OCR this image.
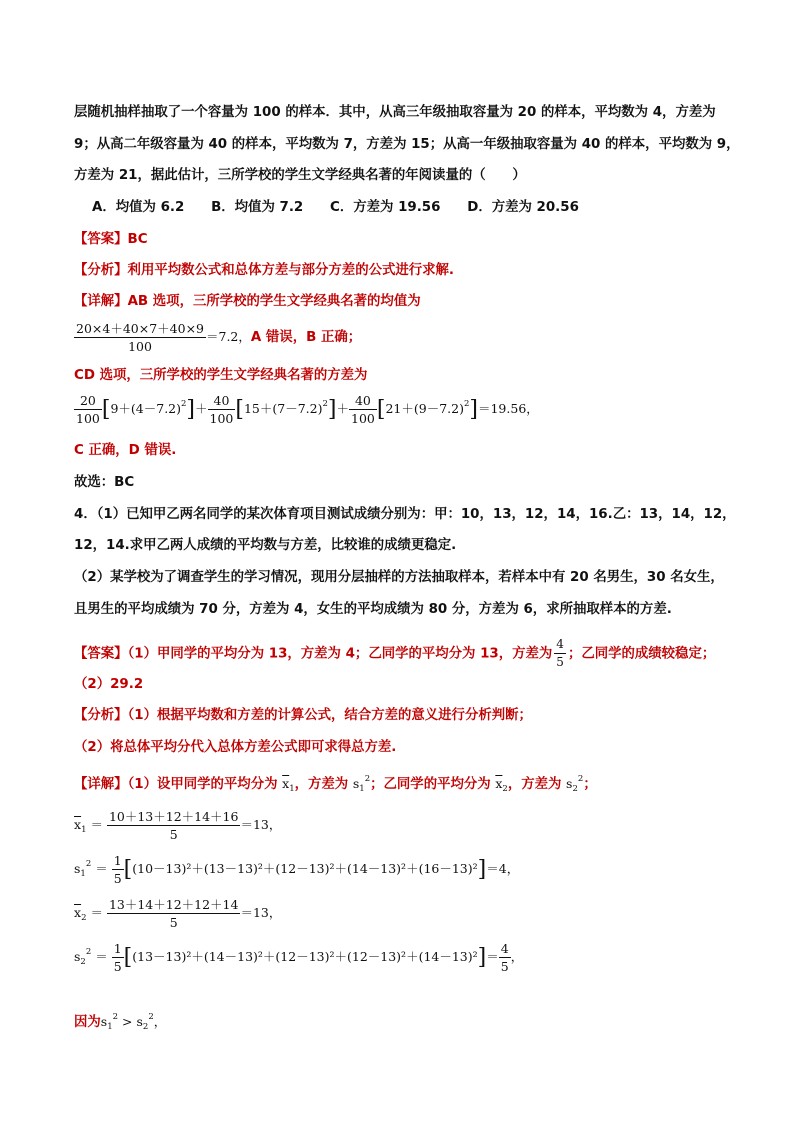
层随机抽样抽取了一个容量为 100 的样本．其中，从高三年级抽取容量为 20 的样本，平均数为 4，方差为
9；从高二年级容量为 40 的样本，平均数为 7，方差为 15；从高一年级抽取容量为 40 的样本，平均数为 9，
方差为 21，据此估计，三所学校的学生文学经典名著的年阅读量的（　　）
A．均值为 6.2　　B．均值为 7.2　　C．方差为 19.56　　D．方差为 20.56
【答案】BC
【分析】利用平均数公式和总体方差与部分方差的公式进行求解.
【详解】AB 选项，三所学校的学生文学经典名著的均值为
$\frac{20\times 4+40\times 7+40\times 9}{100} =7.2$，A 错误，B 正确；
CD 选项，三所学校的学生文学经典名著的方差为
$\frac{20}{100} [9+(4-7.2)^2]+ \frac{40}{100} [15+(7-7.2)^2]+ \frac{40}{100} [21+(9-7.2)^2]=19.56$，
C 正确，D 错误.
故选：BC
4．（1）已知甲乙两名同学的某次体育项目测试成绩分别为：甲：10，13，12，14，16.乙：13，14，12，
12，14.求甲乙两人成绩的平均数与方差，比较谁的成绩更稳定.
（2）某学校为了调查学生的学习情况，现用分层抽样的方法抽取样本，若样本中有 20 名男生，30 名女生，
且男生的平均成绩为 70 分，方差为 4，女生的平均成绩为 80 分，方差为 6，求所抽取样本的方差.
【答案】（1）甲同学的平均分为 13，方差为 4；乙同学的平均分为 13，方差为 $\frac{4}{5}$ ；乙同学的成绩较稳定；
（2）29.2
【分析】（1）根据平均数和方差的计算公式，结合方差的意义进行分析判断；
（2）将总体平均分代入总体方差公式即可求得总方差.
【详解】（1）设甲同学的平均分为 $\overline{x}_1$，方差为 $s_1^2$；乙同学的平均分为 $\overline{x}_2$，方差为 $s_2^2$；
$\overline{x}_1 = \frac{10+13+12+14+16}{5} =13$，
$s_1^2 = \frac{1}{5} [(10-13)^2+(13-13)^2+(12-13)^2+(14-13)^2+(16-13)^2]=4$，
$\overline{x}_2 = \frac{13+14+12+12+14}{5} =13$，
$s_2^2 = \frac{1}{5} [(13-13)^2+(14-13)^2+(12-13)^2+(12-13)^2+(14-13)^2]= \frac{4}{5}$ ，
因为$s_1^2 > s_2^2$，
